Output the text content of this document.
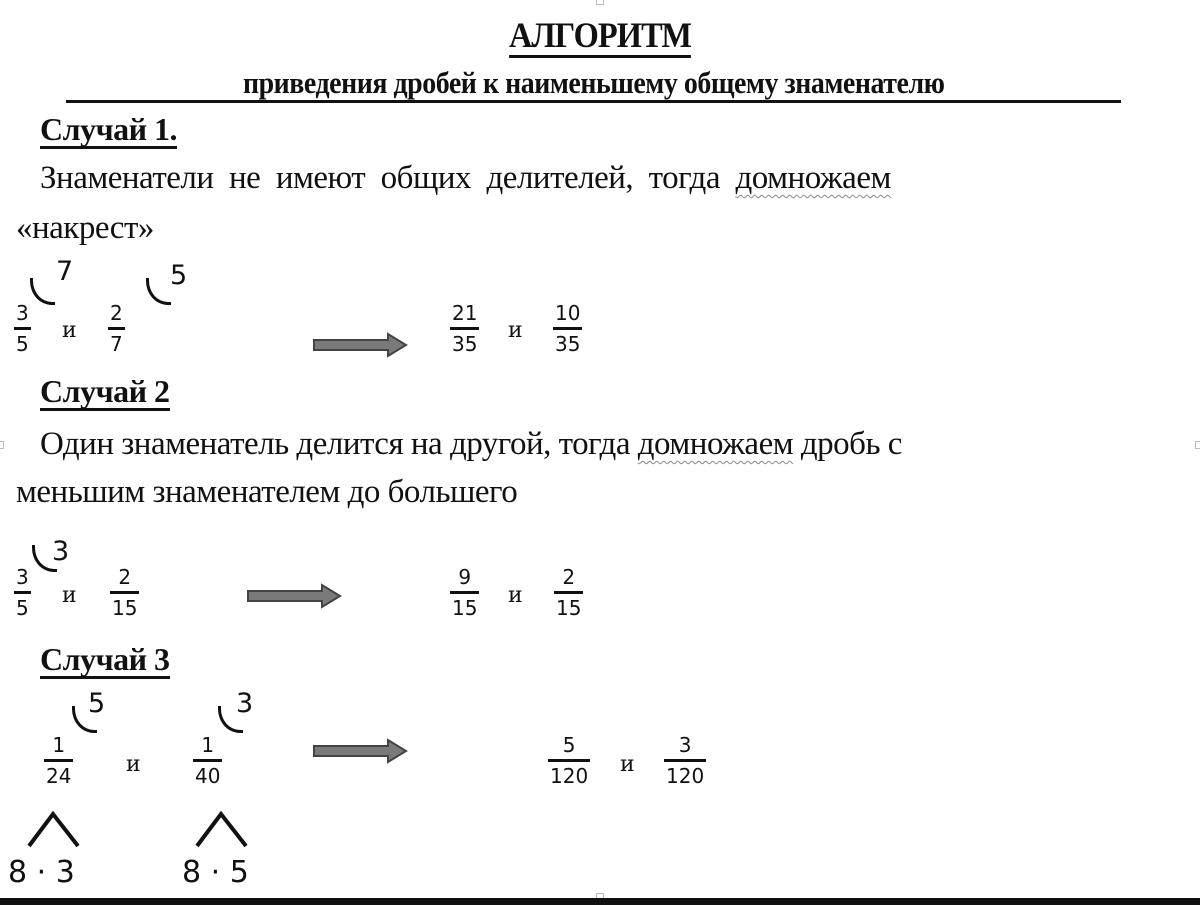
АЛГОРИТМ
приведения дробей к наименьшему общему знаменателю
Случай 1.
Знаменатели  не  имеют  общих  делителей,  тогда  домножаем
«накрест»
7	5
3
5
и
2
7
21
35
и
10
35
Случай 2
Один знаменатель делится на другой, тогда домножаем дробь с
меньшим знаменателем до большего
3
3
5 и
2
15
9
15 и
2
15
Случай 3
5	3
1
24 и
1
40
8 · 3	8 · 5
5
120 и
3
120
